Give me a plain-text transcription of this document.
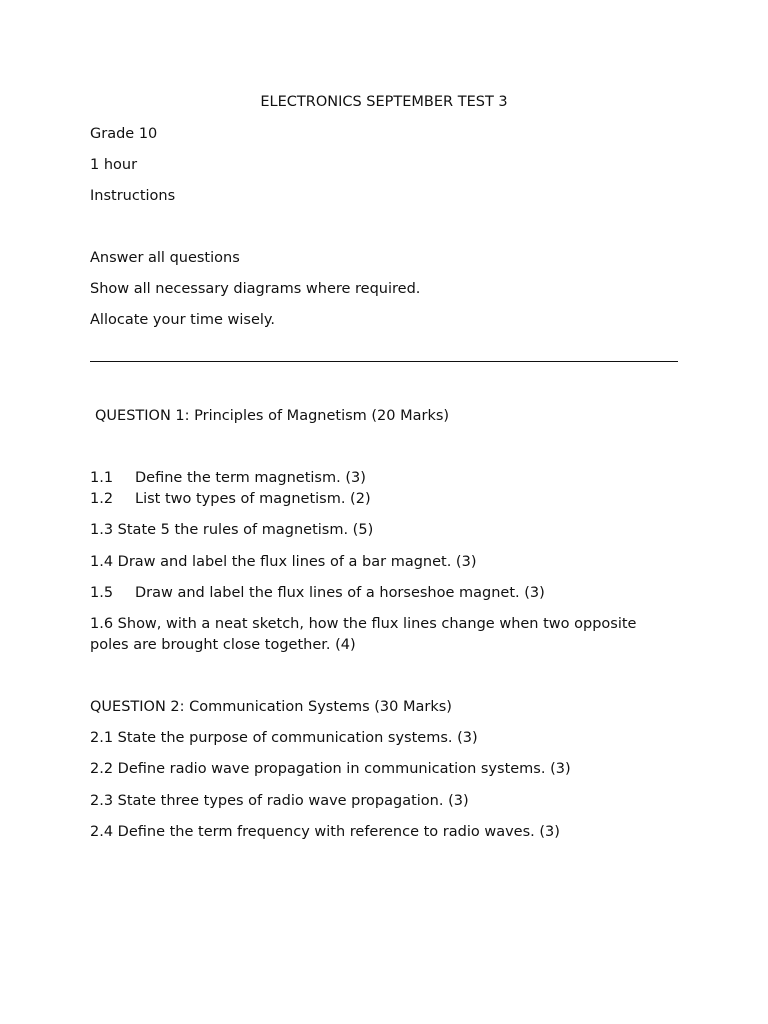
ELECTRONICS SEPTEMBER TEST 3
Grade 10
1 hour
Instructions
Answer all questions
Show all necessary diagrams where required.
Allocate your time wisely.
QUESTION 1: Principles of Magnetism (20 Marks)
1.1 Define the term magnetism. (3)
1.2 List two types of magnetism. (2)
1.3 State 5 the rules of magnetism. (5)
1.4 Draw and label the flux lines of a bar magnet. (3)
1.5 Draw and label the flux lines of a horseshoe magnet. (3)
1.6 Show, with a neat sketch, how the flux lines change when two opposite
poles are brought close together. (4)
QUESTION 2: Communication Systems (30 Marks)
2.1 State the purpose of communication systems. (3)
2.2 Define radio wave propagation in communication systems. (3)
2.3 State three types of radio wave propagation. (3)
2.4 Define the term frequency with reference to radio waves. (3)
